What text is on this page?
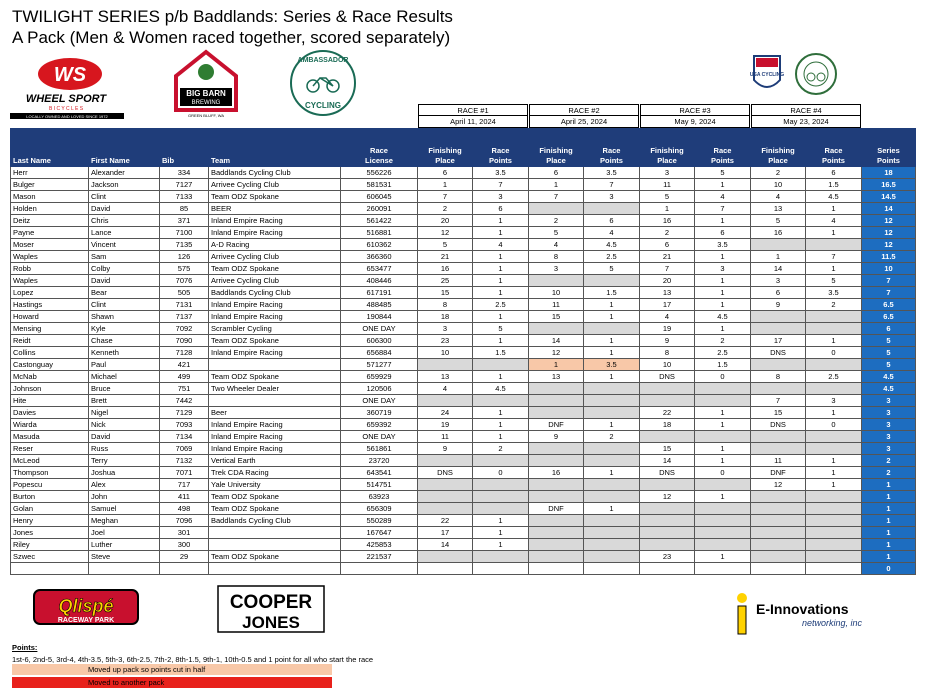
TWILIGHT SERIES p/b Baddlands: Series & Race Results
A Pack (Men & Women raced together, scored separately)
WS
WHEEL SPORT
B I C Y C L E S
LOCALLY OWNED AND LOVED SINCE 1972
BIG BARN
BREWING
GREEN BLUFF, WA
AMBASSADOR
CYCLING
USA CYCLING
RACE #1
April 11, 2024
RACE #2
April 25, 2024
RACE #3
May 9, 2024
RACE #4
May 23, 2024
Last Name	First Name	Bib	Team	Race
License	Finishing
Place	Race
Points	Finishing
Place	Race
Points	Finishing
Place	Race
Points	Finishing
Place	Race
Points	Series
Points
Herr	Alexander	334	Baddlands Cycling Club	556226	6	3.5	6	3.5	3	5	2	6	18
Bulger	Jackson	7127	Arrivee Cycling Club	581531	1	7	1	7	11	1	10	1.5	16.5
Mason	Clint	7133	Team ODZ Spokane	606045	7	3	7	3	5	4	4	4.5	14.5
Holden	David	85	BEER	260091	2	6			1	7	13	1	14
Deitz	Chris	371	Inland Empire Racing	561422	20	1	2	6	16	1	5	4	12
Payne	Lance	7100	Inland Empire Racing	516881	12	1	5	4	2	6	16	1	12
Moser	Vincent	7135	A-D Racing	610362	5	4	4	4.5	6	3.5			12
Waples	Sam	126	Arrivee Cycling Club	366360	21	1	8	2.5	21	1	1	7	11.5
Robb	Colby	575	Team ODZ Spokane	653477	16	1	3	5	7	3	14	1	10
Waples	David	7076	Arrivee Cycling Club	408446	25	1			20	1	3	5	7
Lopez	Bear	505	Baddlands Cycling Club	617191	15	1	10	1.5	13	1	6	3.5	7
Hastings	Clint	7131	Inland Empire Racing	488485	8	2.5	11	1	17	1	9	2	6.5
Howard	Shawn	7137	Inland Empire Racing	190844	18	1	15	1	4	4.5			6.5
Mensing	Kyle	7092	Scrambler Cycling	ONE DAY	3	5			19	1			6
Reidt	Chase	7090	Team ODZ Spokane	606300	23	1	14	1	9	2	17	1	5
Collins	Kenneth	7128	Inland Empire Racing	656884	10	1.5	12	1	8	2.5	DNS	0	5
Castonguay	Paul	421		571277			1	3.5	10	1.5			5
McNab	Michael	499	Team ODZ Spokane	659929	13	1	13	1	DNS	0	8	2.5	4.5
Johnson	Bruce	751	Two Wheeler Dealer	120506	4	4.5							4.5
Hite	Brett	7442		ONE DAY							7	3	3
Davies	Nigel	7129	Beer	360719	24	1			22	1	15	1	3
Wiarda	Nick	7093	Inland Empire Racing	659392	19	1	DNF	1	18	1	DNS	0	3
Masuda	David	7134	Inland Empire Racing	ONE DAY	11	1	9	2					3
Reser	Russ	7069	Inland Empire Racing	561861	9	2			15	1			3
McLeod	Terry	7132	Vertical Earth	23720					14	1	11	1	2
Thompson	Joshua	7071	Trek CDA Racing	643541	DNS	0	16	1	DNS	0	DNF	1	2
Popescu	Alex	717	Yale University	514751							12	1	1
Burton	John	411	Team ODZ Spokane	63923					12	1			1
Golan	Samuel	498	Team ODZ Spokane	656309			DNF	1					1
Henry	Meghan	7096	Baddlands Cycling Club	550289	22	1							1
Jones	Joel	301		167647	17	1							1
Riley	Luther	300		425853	14	1							1
Szwec	Steve	29	Team ODZ Spokane	221537					23	1			1
													0
Qlispé
RACEWAY PARK
COOPER
JONES
E-Innovations
networking, inc
Points:
1st-6, 2nd-5, 3rd-4, 4th-3.5, 5th-3, 6th-2.5, 7th-2, 8th-1.5, 9th-1, 10th-0.5 and 1 point for all who start the race
Moved up pack so points cut in half
Moved to another pack
